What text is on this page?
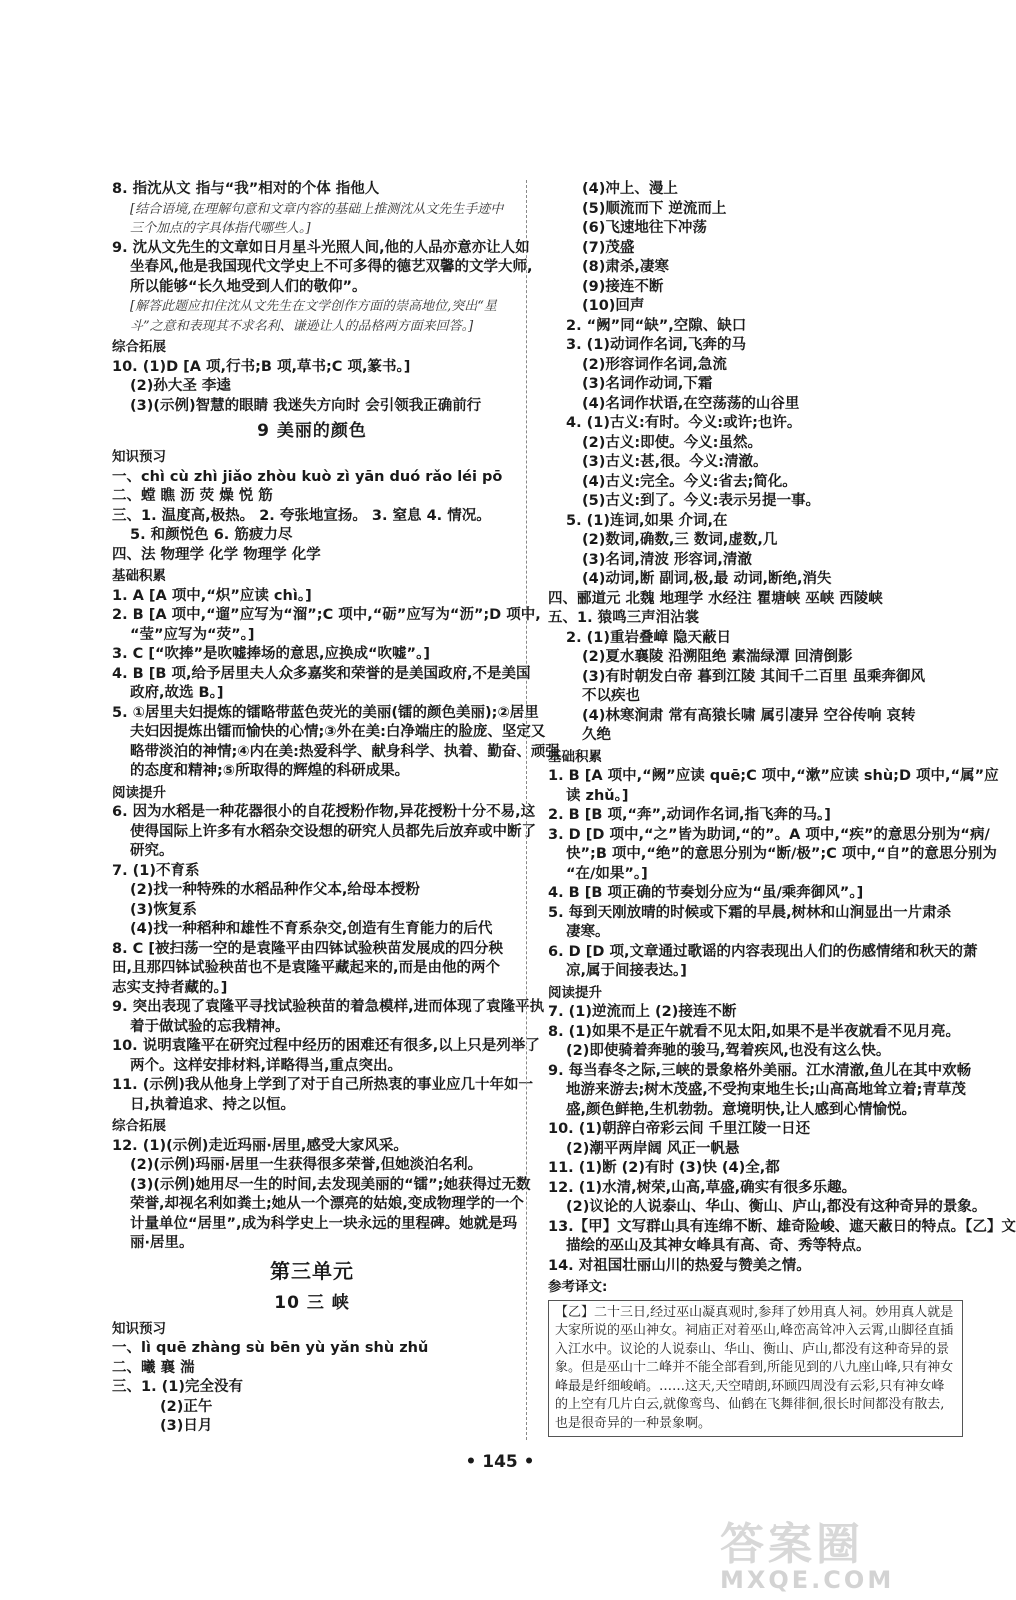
8. 指沈从文 指与“我”相对的个体 指他人
[结合语境,在理解句意和文章内容的基础上推测沈从文先生手迹中三个加点的字具体指代哪些人。]
9. 沈从文先生的文章如日月星斗光照人间,他的人品亦意亦让人如
坐春风,他是我国现代文学史上不可多得的德艺双馨的文学大师,
所以能够“长久地受到人们的敬仰”。
[解答此题应扣住沈从文先生在文学创作方面的崇高地位,突出“星斗”之意和表现其不求名利、谦逊让人的品格两方面来回答。]
综合拓展
10. (1)D [A 项,行书;B 项,草书;C 项,篆书。]
(2)孙大圣 李逵
(3)(示例)智慧的眼睛 我迷失方向时 会引领我正确前行
9 美丽的颜色
知识预习
一、chì cù zhì jiǎo zhòu kuò zì yān duó rǎo léi pō
二、螳 瞧 沥 荧 燥 悦 筋
三、1. 温度高,极热。 2. 夸张地宣扬。 3. 窒息 4. 情况。
5. 和颜悦色 6. 筋疲力尽
四、法 物理学 化学 物理学 化学
基础积累
1. A [A 项中,“炽”应读 chì。]
2. B [A 项中,“遛”应写为“溜”;C 项中,“砺”应写为“沥”;D 项中,
“莹”应写为“荧”。]
3. C [“吹捧”是吹嘘捧场的意思,应换成“吹嘘”。]
4. B [B 项,给予居里夫人众多嘉奖和荣誉的是美国政府,不是美国
政府,故选 B。]
5. ①居里夫妇提炼的镭略带蓝色荧光的美丽(镭的颜色美丽);②居里
夫妇因提炼出镭而愉快的心情;③外在美:白净端庄的脸庞、坚定又
略带淡泊的神情;④内在美:热爱科学、献身科学、执着、勤奋、顽强
的态度和精神;⑤所取得的辉煌的科研成果。
阅读提升
6. 因为水稻是一种花器很小的自花授粉作物,异花授粉十分不易,这
使得国际上许多有水稻杂交设想的研究人员都先后放弃或中断了
研究。
7. (1)不育系
(2)找一种特殊的水稻品种作父本,给母本授粉
(3)恢复系
(4)找一种稻种和雄性不育系杂交,创造有生育能力的后代
8. C [被扫荡一空的是袁隆平由四钵试验秧苗发展成的四分秧田,且那四钵试验秧苗也不是袁隆平藏起来的,而是由他的两个志实支持者藏的。]
9. 突出表现了袁隆平寻找试验秧苗的着急模样,进而体现了袁隆平执
着于做试验的忘我精神。
10. 说明袁隆平在研究过程中经历的困难还有很多,以上只是列举了
两个。这样安排材料,详略得当,重点突出。
11. (示例)我从他身上学到了对于自己所热衷的事业应几十年如一
日,执着追求、持之以恒。
综合拓展
12. (1)(示例)走近玛丽·居里,感受大家风采。
(2)(示例)玛丽·居里一生获得很多荣誉,但她淡泊名利。
(3)(示例)她用尽一生的时间,去发现美丽的“镭”;她获得过无数
荣誉,却视名利如粪土;她从一个漂亮的姑娘,变成物理学的一个
计量单位“居里”,成为科学史上一块永远的里程碑。她就是玛
丽·居里。
第三单元
10 三 峡
知识预习
一、lì quē zhàng sù bēn yù yǎn shù zhǔ
二、曦 襄 湍
三、1. (1)完全没有
(2)正午
(3)日月
(4)冲上、漫上
(5)顺流而下 逆流而上
(6)飞速地往下冲荡
(7)茂盛
(8)肃杀,凄寒
(9)接连不断
(10)回声
2. “阙”同“缺”,空隙、缺口
3. (1)动词作名词,飞奔的马
(2)形容词作名词,急流
(3)名词作动词,下霜
(4)名词作状语,在空荡荡的山谷里
4. (1)古义:有时。今义:或许;也许。
(2)古义:即使。今义:虽然。
(3)古义:甚,很。今义:清澈。
(4)古义:完全。今义:省去;简化。
(5)古义:到了。今义:表示另提一事。
5. (1)连词,如果 介词,在
(2)数词,确数,三 数词,虚数,几
(3)名词,清波 形容词,清澈
(4)动词,断 副词,极,最 动词,断绝,消失
四、郦道元 北魏 地理学 水经注 瞿塘峡 巫峡 西陵峡
五、1. 猿鸣三声泪沾裳
2. (1)重岩叠嶂 隐天蔽日
(2)夏水襄陵 沿溯阻绝 素湍绿潭 回清倒影
(3)有时朝发白帝 暮到江陵 其间千二百里 虽乘奔御风
不以疾也
(4)林寒涧肃 常有高猿长啸 属引凄异 空谷传响 哀转
久绝
基础积累
1. B [A 项中,“阙”应读 quē;C 项中,“漱”应读 shù;D 项中,“属”应
读 zhǔ。]
2. B [B 项,“奔”,动词作名词,指飞奔的马。]
3. D [D 项中,“之”皆为助词,“的”。A 项中,“疾”的意思分别为“病/
快”;B 项中,“绝”的意思分别为“断/极”;C 项中,“自”的意思分别为
“在/如果”。]
4. B [B 项正确的节奏划分应为“虽/乘奔御风”。]
5. 每到天刚放晴的时候或下霜的早晨,树林和山涧显出一片肃杀
凄寒。
6. D [D 项,文章通过歌谣的内容表现出人们的伤感情绪和秋天的萧
凉,属于间接表达。]
阅读提升
7. (1)逆流而上 (2)接连不断
8. (1)如果不是正午就看不见太阳,如果不是半夜就看不见月亮。
(2)即使骑着奔驰的骏马,驾着疾风,也没有这么快。
9. 每当春冬之际,三峡的景象格外美丽。江水清澈,鱼儿在其中欢畅
地游来游去;树木茂盛,不受拘束地生长;山高高地耸立着;青草茂
盛,颜色鲜艳,生机勃勃。意境明快,让人感到心情愉悦。
10. (1)朝辞白帝彩云间 千里江陵一日还
(2)潮平两岸阔 风正一帆悬
11. (1)断 (2)有时 (3)快 (4)全,都
12. (1)水清,树荣,山高,草盛,确实有很多乐趣。
(2)议论的人说泰山、华山、衡山、庐山,都没有这种奇异的景象。
13.【甲】文写群山具有连绵不断、雄奇险峻、遮天蔽日的特点。【乙】文
描绘的巫山及其神女峰具有高、奇、秀等特点。
14. 对祖国壮丽山川的热爱与赞美之情。
参考译文:
【乙】二十三日,经过巫山凝真观时,参拜了妙用真人祠。妙用真人就是大家所说的巫山神女。祠庙正对着巫山,峰峦高耸冲入云霄,山脚径直插入江水中。议论的人说泰山、华山、衡山、庐山,都没有这种奇异的景象。但是巫山十二峰并不能全部看到,所能见到的八九座山峰,只有神女峰最是纤细峻峭。……这天,天空晴朗,环顾四周没有云彩,只有神女峰的上空有几片白云,就像鸾鸟、仙鹤在飞舞徘徊,很长时间都没有散去,也是很奇异的一种景象啊。
• 145 •
答案圈
MXQE.COM
